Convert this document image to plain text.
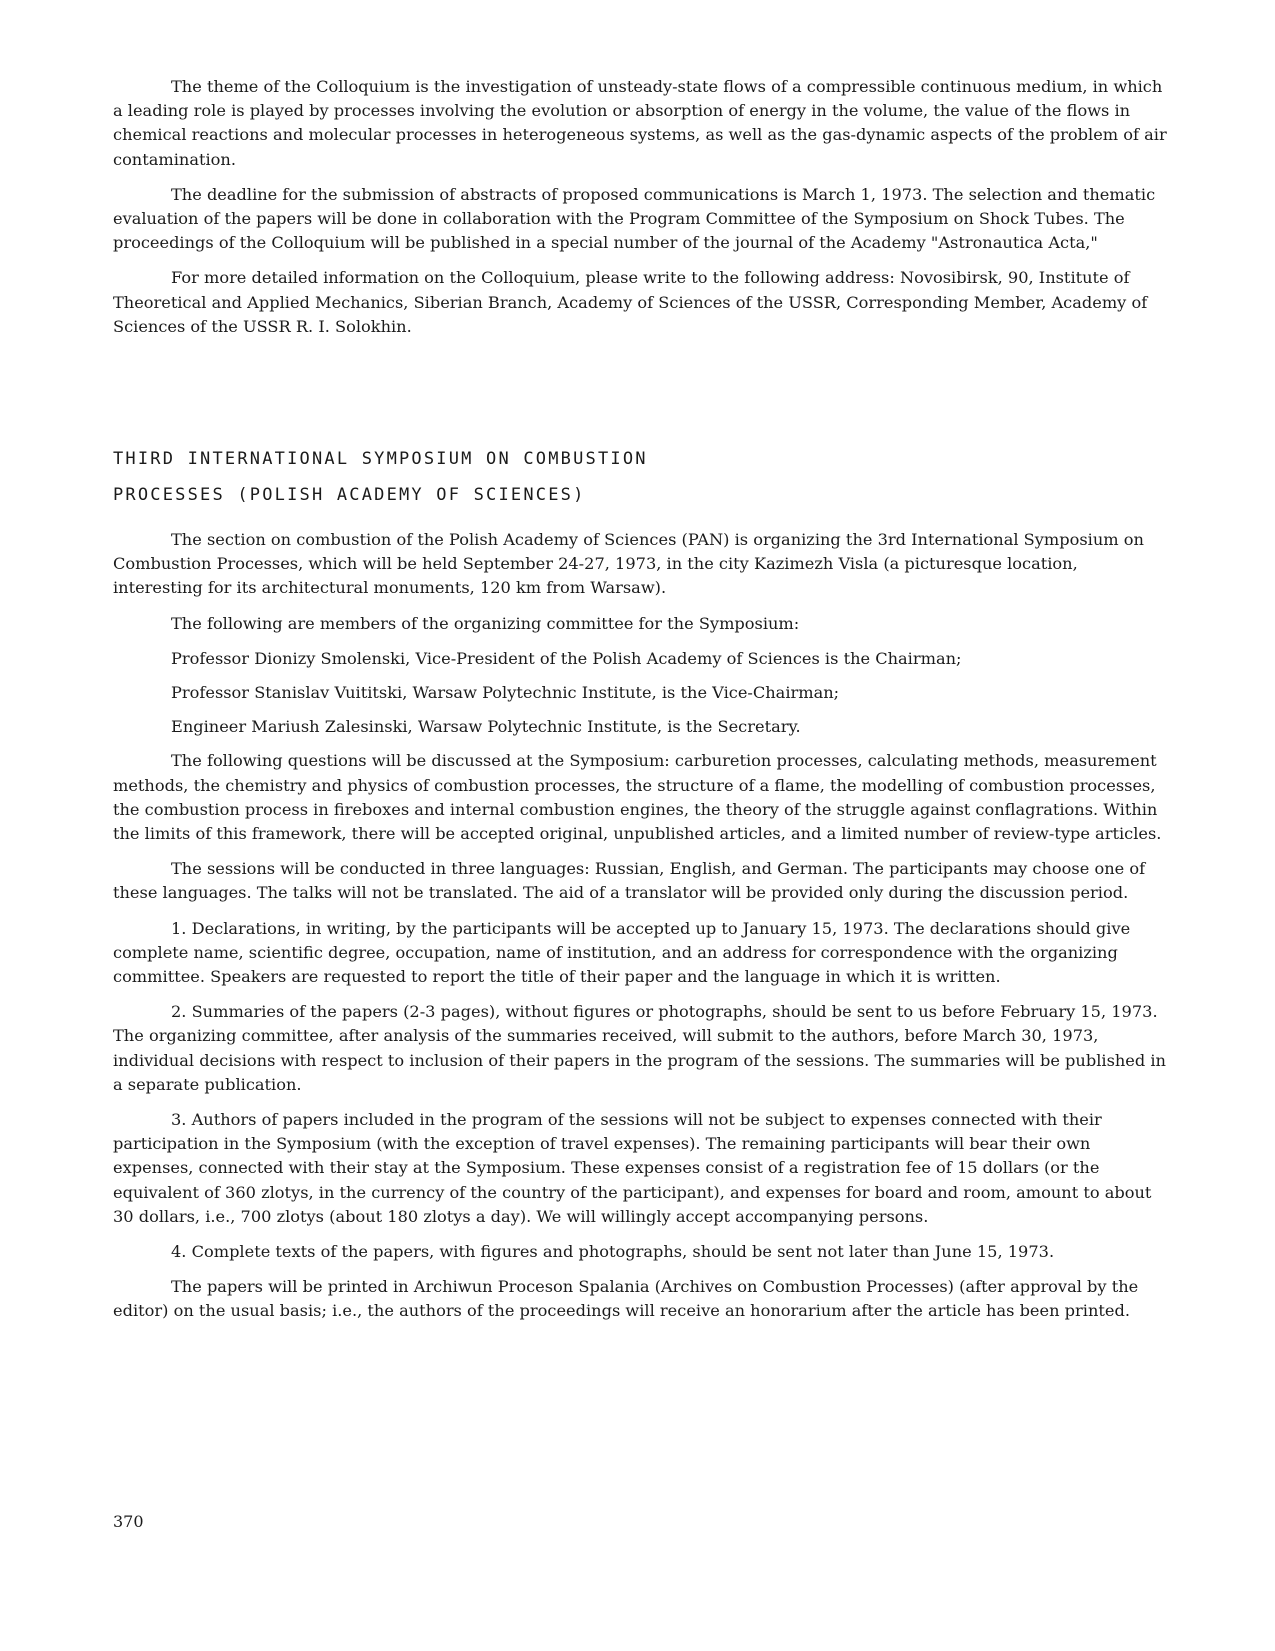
The theme of the Colloquium is the investigation of unsteady-state flows of a compressible continuous medium, in which a leading role is played by processes involving the evolution or absorption of energy in the volume, the value of the flows in chemical reactions and molecular processes in heterogeneous systems, as well as the gas-dynamic aspects of the problem of air contamination.

The deadline for the submission of abstracts of proposed communications is March 1, 1973. The selection and thematic evaluation of the papers will be done in collaboration with the Program Committee of the Symposium on Shock Tubes. The proceedings of the Colloquium will be published in a special number of the journal of the Academy "Astronautica Acta,"

For more detailed information on the Colloquium, please write to the following address: Novosibirsk, 90, Institute of Theoretical and Applied Mechanics, Siberian Branch, Academy of Sciences of the USSR, Corresponding Member, Academy of Sciences of the USSR R. I. Solokhin.

THIRD INTERNATIONAL SYMPOSIUM ON COMBUSTION
PROCESSES (POLISH ACADEMY OF SCIENCES)

The section on combustion of the Polish Academy of Sciences (PAN) is organizing the 3rd International Symposium on Combustion Processes, which will be held September 24-27, 1973, in the city Kazimezh Visla (a picturesque location, interesting for its architectural monuments, 120 km from Warsaw).

The following are members of the organizing committee for the Symposium:

Professor Dionizy Smolenski, Vice-President of the Polish Academy of Sciences is the Chairman;

Professor Stanislav Vuititski, Warsaw Polytechnic Institute, is the Vice-Chairman;

Engineer Mariush Zalesinski, Warsaw Polytechnic Institute, is the Secretary.

The following questions will be discussed at the Symposium: carburetion processes, calculating methods, measurement methods, the chemistry and physics of combustion processes, the structure of a flame, the modelling of combustion processes, the combustion process in fireboxes and internal combustion engines, the theory of the struggle against conflagrations. Within the limits of this framework, there will be accepted original, unpublished articles, and a limited number of review-type articles.

The sessions will be conducted in three languages: Russian, English, and German. The participants may choose one of these languages. The talks will not be translated. The aid of a translator will be provided only during the discussion period.

1. Declarations, in writing, by the participants will be accepted up to January 15, 1973. The declarations should give complete name, scientific degree, occupation, name of institution, and an address for correspondence with the organizing committee. Speakers are requested to report the title of their paper and the language in which it is written.

2. Summaries of the papers (2-3 pages), without figures or photographs, should be sent to us before February 15, 1973. The organizing committee, after analysis of the summaries received, will submit to the authors, before March 30, 1973, individual decisions with respect to inclusion of their papers in the program of the sessions. The summaries will be published in a separate publication.

3. Authors of papers included in the program of the sessions will not be subject to expenses connected with their participation in the Symposium (with the exception of travel expenses). The remaining participants will bear their own expenses, connected with their stay at the Symposium. These expenses consist of a registration fee of 15 dollars (or the equivalent of 360 zlotys, in the currency of the country of the participant), and expenses for board and room, amount to about 30 dollars, i.e., 700 zlotys (about 180 zlotys a day). We will willingly accept accompanying persons.

4. Complete texts of the papers, with figures and photographs, should be sent not later than June 15, 1973.

The papers will be printed in Archiwun Proceson Spalania (Archives on Combustion Processes) (after approval by the editor) on the usual basis; i.e., the authors of the proceedings will receive an honorarium after the article has been printed.

370
